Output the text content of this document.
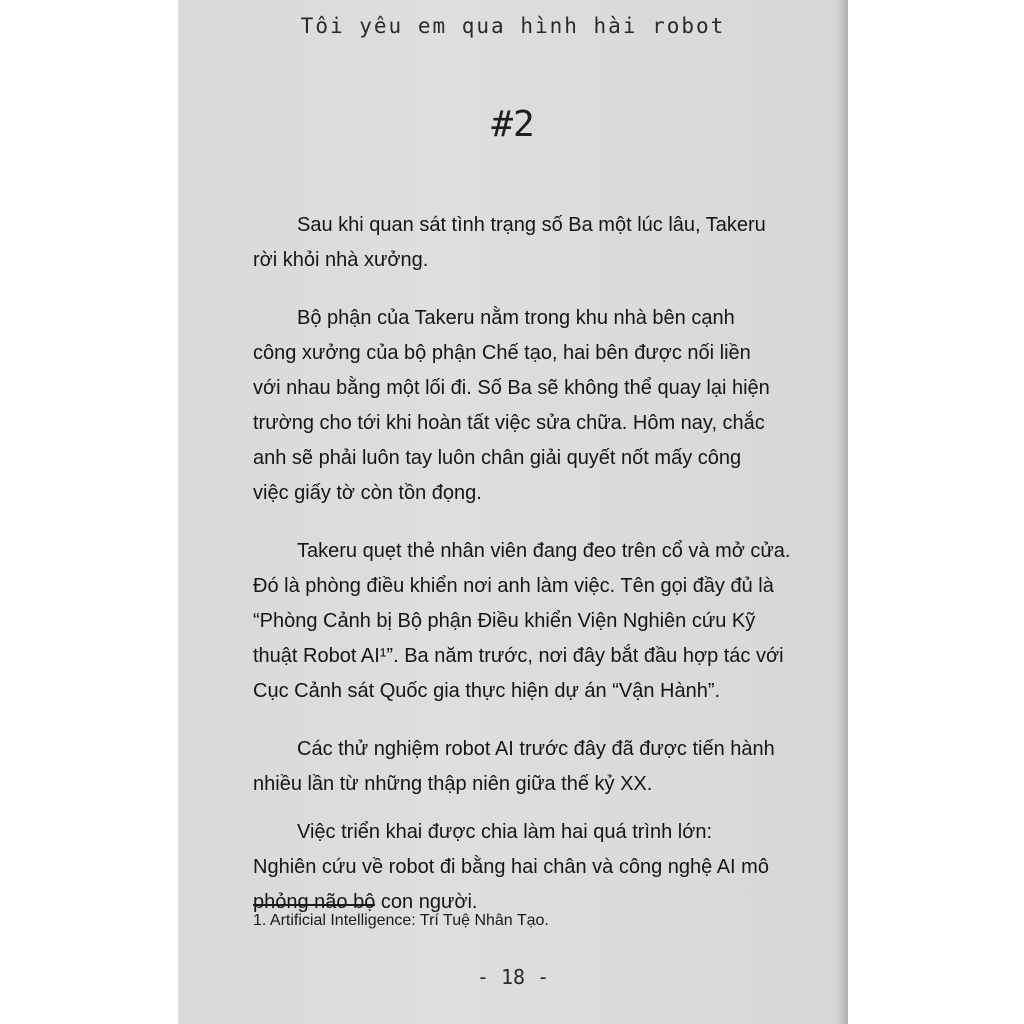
Tôi yêu em qua hình hài robot
#2

Sau khi quan sát tình trạng số Ba một lúc lâu, Takeru
rời khỏi nhà xưởng.

Bộ phận của Takeru nằm trong khu nhà bên cạnh
công xưởng của bộ phận Chế tạo, hai bên được nối liền
với nhau bằng một lối đi. Số Ba sẽ không thể quay lại hiện
trường cho tới khi hoàn tất việc sửa chữa. Hôm nay, chắc
anh sẽ phải luôn tay luôn chân giải quyết nốt mấy công
việc giấy tờ còn tồn đọng.

Takeru quẹt thẻ nhân viên đang đeo trên cổ và mở cửa.
Đó là phòng điều khiển nơi anh làm việc. Tên gọi đầy đủ là
“Phòng Cảnh bị Bộ phận Điều khiển Viện Nghiên cứu Kỹ
thuật Robot AI¹”. Ba năm trước, nơi đây bắt đầu hợp tác với
Cục Cảnh sát Quốc gia thực hiện dự án “Vận Hành”.

Các thử nghiệm robot AI trước đây đã được tiến hành
nhiều lần từ những thập niên giữa thế kỷ XX.

Việc triển khai được chia làm hai quá trình lớn:
Nghiên cứu về robot đi bằng hai chân và công nghệ AI mô
phỏng não bộ con người.

1. Artificial Intelligence: Trí Tuệ Nhân Tạo.
- 18 -
